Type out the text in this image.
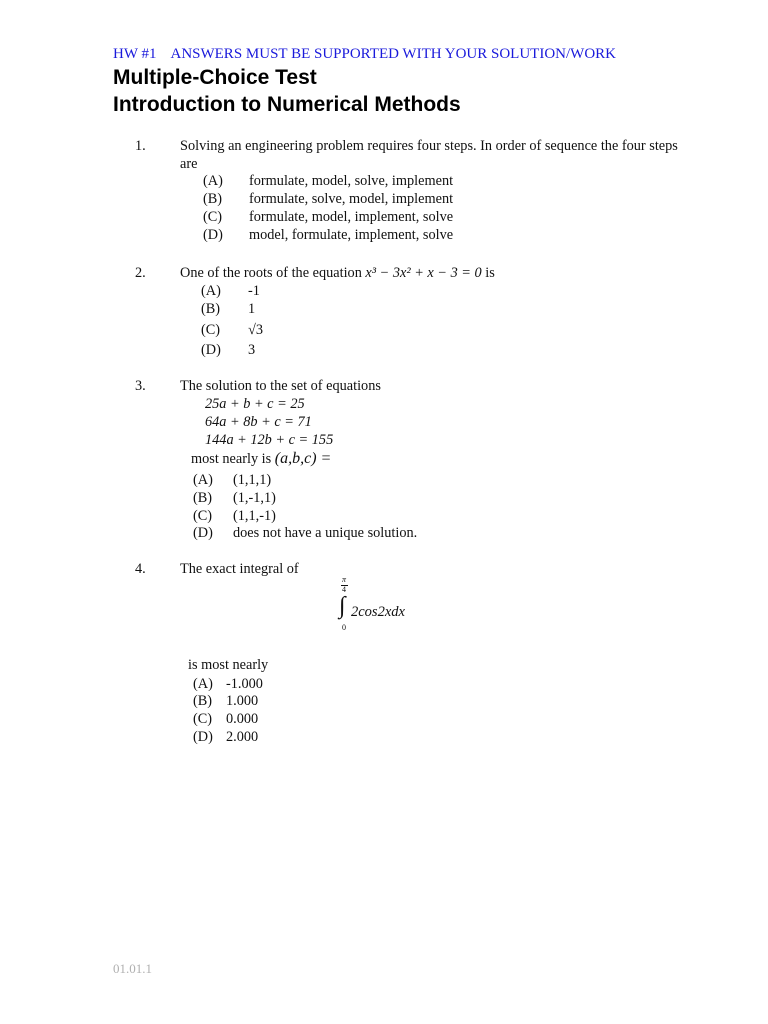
HW #1 ANSWERS MUST BE SUPPORTED WITH YOUR SOLUTION/WORK
Multiple-Choice Test
Introduction to Numerical Methods
1. Solving an engineering problem requires four steps. In order of sequence the four steps are
(A) formulate, model, solve, implement
(B) formulate, solve, model, implement
(C) formulate, model, implement, solve
(D) model, formulate, implement, solve
2. One of the roots of the equation x³ − 3x² + x − 3 = 0 is
(A) -1
(B) 1
(C) √3
(D) 3
3. The solution to the set of equations
25a + b + c = 25
64a + 8b + c = 71
144a + 12b + c = 155
most nearly is (a,b,c) =
(A) (1,1,1)
(B) (1,-1,1)
(C) (1,1,-1)
(D) does not have a unique solution.
4. The exact integral of
π
4
∫
0
2cos2xdx
is most nearly
(A) -1.000
(B) 1.000
(C) 0.000
(D) 2.000
01.01.1
